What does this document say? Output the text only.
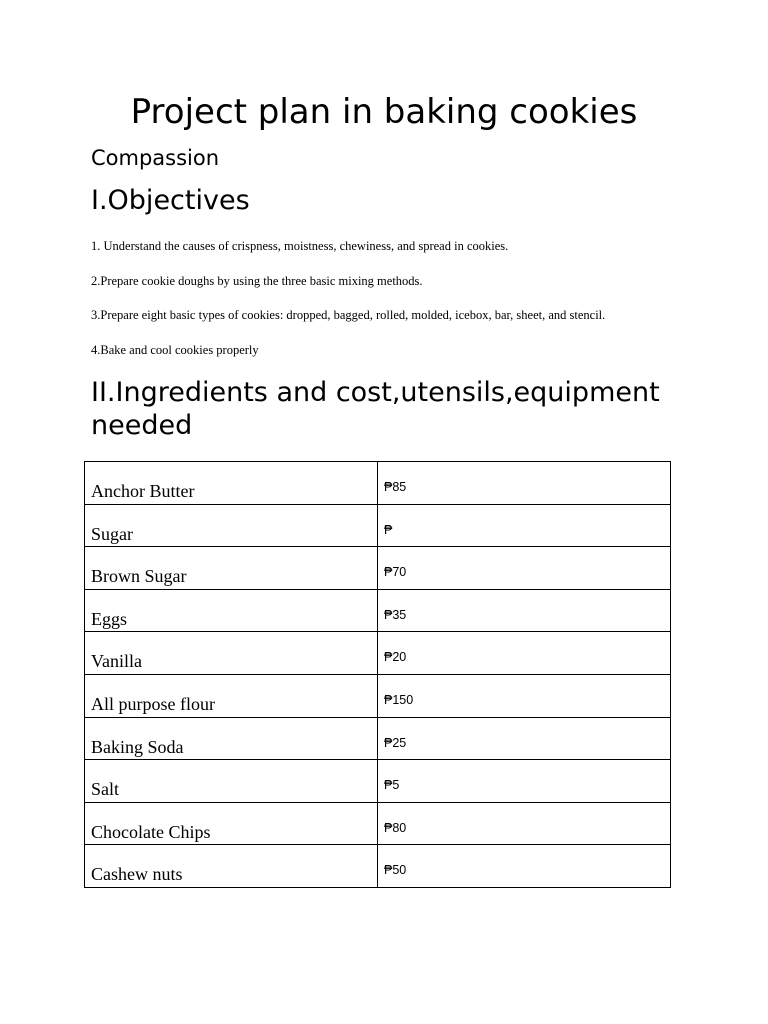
Project plan in baking cookies

Compassion

I.Objectives

1. Understand the causes of crispness, moistness, chewiness, and spread in cookies.

2.Prepare cookie doughs by using the three basic mixing methods.

3.Prepare eight basic types of cookies: dropped, bagged, rolled, molded, icebox, bar, sheet, and stencil.

4.Bake and cool cookies properly

II.Ingredients and cost,utensils,equipment needed
Anchor Butter	₱85

Sugar	₱

Brown Sugar	₱70

Eggs	₱35

Vanilla	₱20

All purpose flour	₱150

Baking Soda	₱25

Salt	₱5

Chocolate Chips	₱80

Cashew nuts	₱50
